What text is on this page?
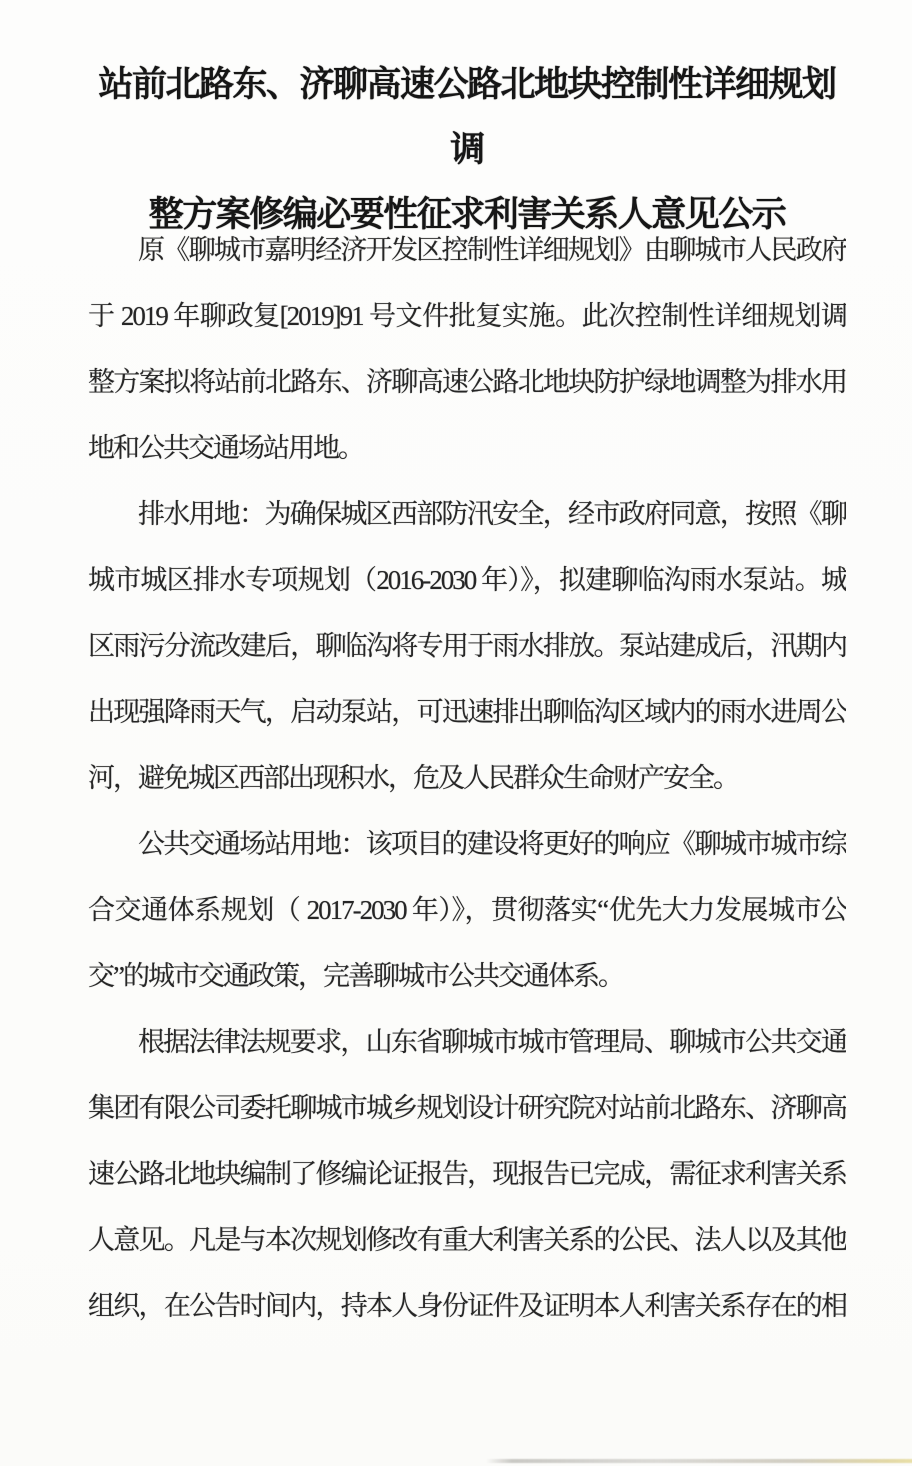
站前北路东、济聊高速公路北地块控制性详细规划调
整方案修编必要性征求利害关系人意见公示
原《聊城市嘉明经济开发区控制性详细规划》由聊城市人民政府
于 2019 年聊政复[2019]91 号文件批复实施。此次控制性详细规划调
整方案拟将站前北路东、济聊高速公路北地块防护绿地调整为排水用
地和公共交通场站用地。
排水用地：为确保城区西部防汛安全，经市政府同意，按照《聊
城市城区排水专项规划（2016-2030 年）》，拟建聊临沟雨水泵站。城
区雨污分流改建后，聊临沟将专用于雨水排放。泵站建成后，汛期内
出现强降雨天气，启动泵站，可迅速排出聊临沟区域内的雨水进周公
河，避免城区西部出现积水，危及人民群众生命财产安全。
公共交通场站用地：该项目的建设将更好的响应《聊城市城市综
合交通体系规划（ 2017-2030 年）》，贯彻落实“优先大力发展城市公
交”的城市交通政策，完善聊城市公共交通体系。
根据法律法规要求，山东省聊城市城市管理局、聊城市公共交通
集团有限公司委托聊城市城乡规划设计研究院对站前北路东、济聊高
速公路北地块编制了修编论证报告，现报告已完成，需征求利害关系
人意见。凡是与本次规划修改有重大利害关系的公民、法人以及其他
组织，在公告时间内，持本人身份证件及证明本人利害关系存在的相
